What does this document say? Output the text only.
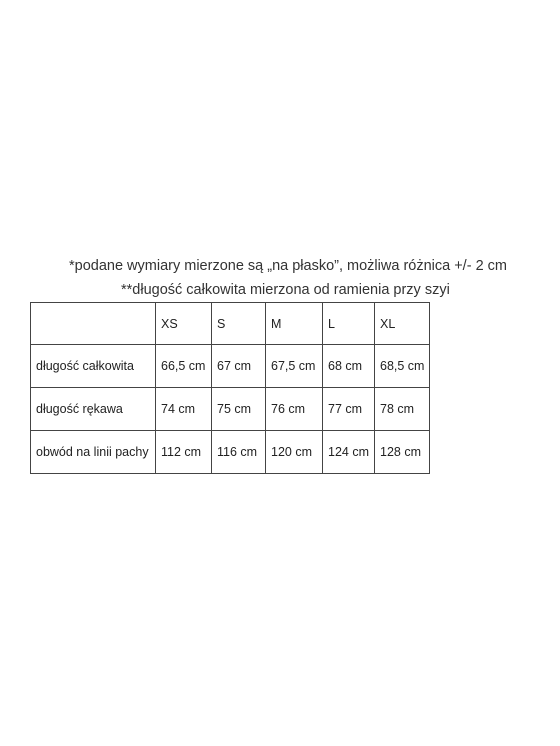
*podane wymiary mierzone są „na płasko”, możliwa różnica +/- 2 cm
**długość całkowita mierzona od ramienia przy szyi
	XS	S	M	L	XL
długość całkowita	66,5 cm	67 cm	67,5 cm	68 cm	68,5 cm
długość rękawa	74 cm	75 cm	76 cm	77 cm	78 cm
obwód na linii pachy	112 cm	116 cm	120 cm	124 cm	128 cm
